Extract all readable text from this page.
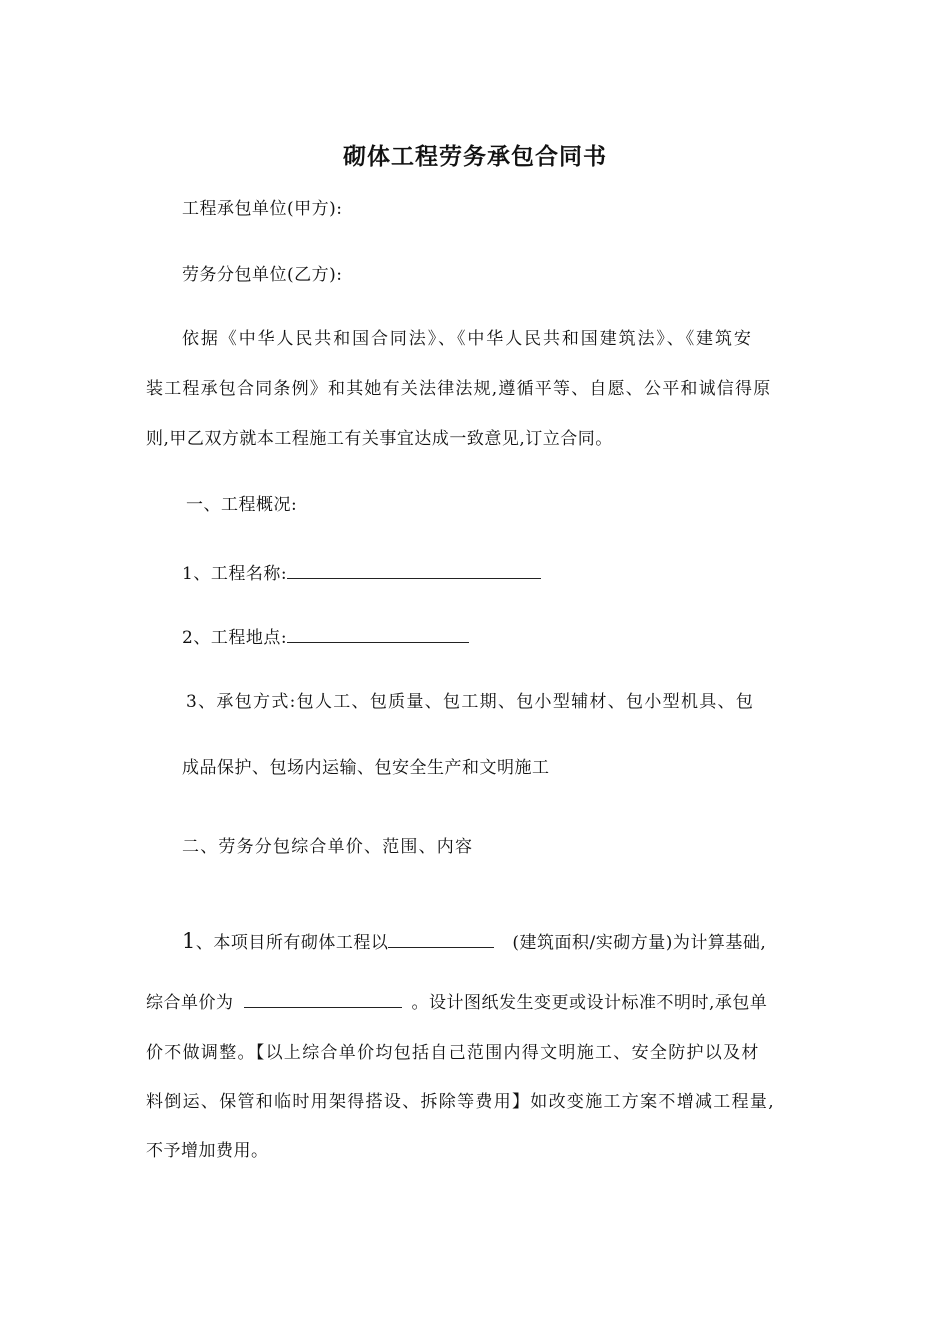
砌体工程劳务承包合同书
工程承包单位(甲方):
劳务分包单位(乙方):
依据《中华人民共和国合同法》、《中华人民共和国建筑法》、《建筑安
装工程承包合同条例》和其她有关法律法规,遵循平等、自愿、公平和诚信得原
则,甲乙双方就本工程施工有关事宜达成一致意见,订立合同。
一、工程概况:
1、工程名称:
2、工程地点:
3、承包方式:包人工、包质量、包工期、包小型辅材、包小型机具、包
成品保护、包场内运输、包安全生产和文明施工
二、劳务分包综合单价、范围、内容
1、本项目所有砌体工程以	(建筑面积/实砌方量)为计算基础,
综合单价为	。设计图纸发生变更或设计标准不明时,承包单
价不做调整。【以上综合单价均包括自己范围内得文明施工、安全防护以及材
料倒运、保管和临时用架得搭设、拆除等费用】如改变施工方案不增减工程量,
不予增加费用。
